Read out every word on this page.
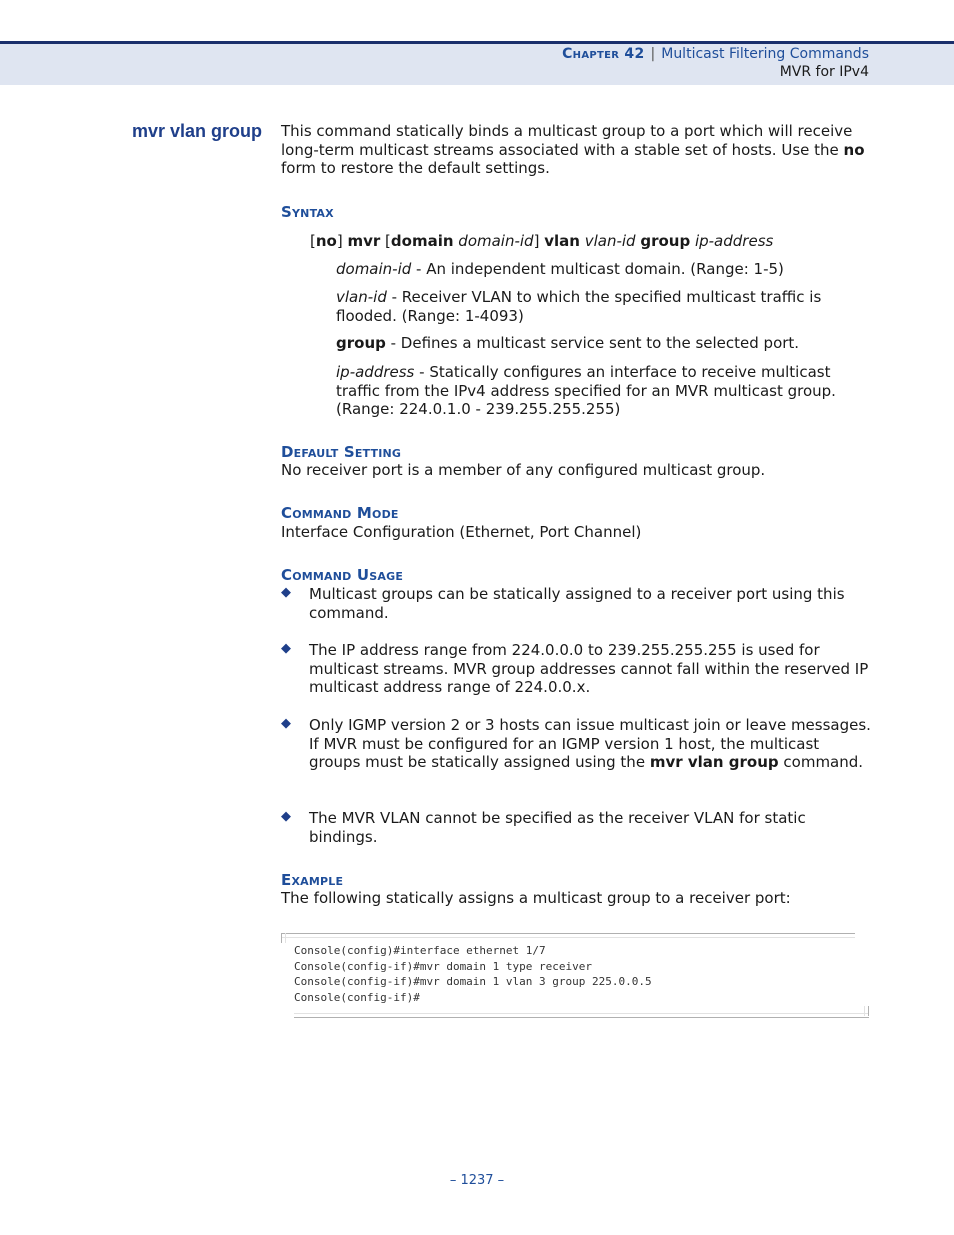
Chapter 42 | Multicast Filtering Commands
MVR for IPv4
mvr vlan group This command statically binds a multicast group to a port which will receive long-term multicast streams associated with a stable set of hosts. Use the no form to restore the default settings.
Syntax
[no] mvr [domain domain-id] vlan vlan-id group ip-address
domain-id - An independent multicast domain. (Range: 1-5)
vlan-id - Receiver VLAN to which the specified multicast traffic is flooded. (Range: 1-4093)
group - Defines a multicast service sent to the selected port.
ip-address - Statically configures an interface to receive multicast traffic from the IPv4 address specified for an MVR multicast group. (Range: 224.0.1.0 - 239.255.255.255)
Default Setting
No receiver port is a member of any configured multicast group.
Command Mode
Interface Configuration (Ethernet, Port Channel)
Command Usage
◆ Multicast groups can be statically assigned to a receiver port using this command.
◆ The IP address range from 224.0.0.0 to 239.255.255.255 is used for multicast streams. MVR group addresses cannot fall within the reserved IP multicast address range of 224.0.0.x.
◆ Only IGMP version 2 or 3 hosts can issue multicast join or leave messages. If MVR must be configured for an IGMP version 1 host, the multicast groups must be statically assigned using the mvr vlan group command.
◆ The MVR VLAN cannot be specified as the receiver VLAN for static bindings.
Example
The following statically assigns a multicast group to a receiver port:
Console(config)#interface ethernet 1/7
Console(config-if)#mvr domain 1 type receiver
Console(config-if)#mvr domain 1 vlan 3 group 225.0.0.5
Console(config-if)#
– 1237 –
